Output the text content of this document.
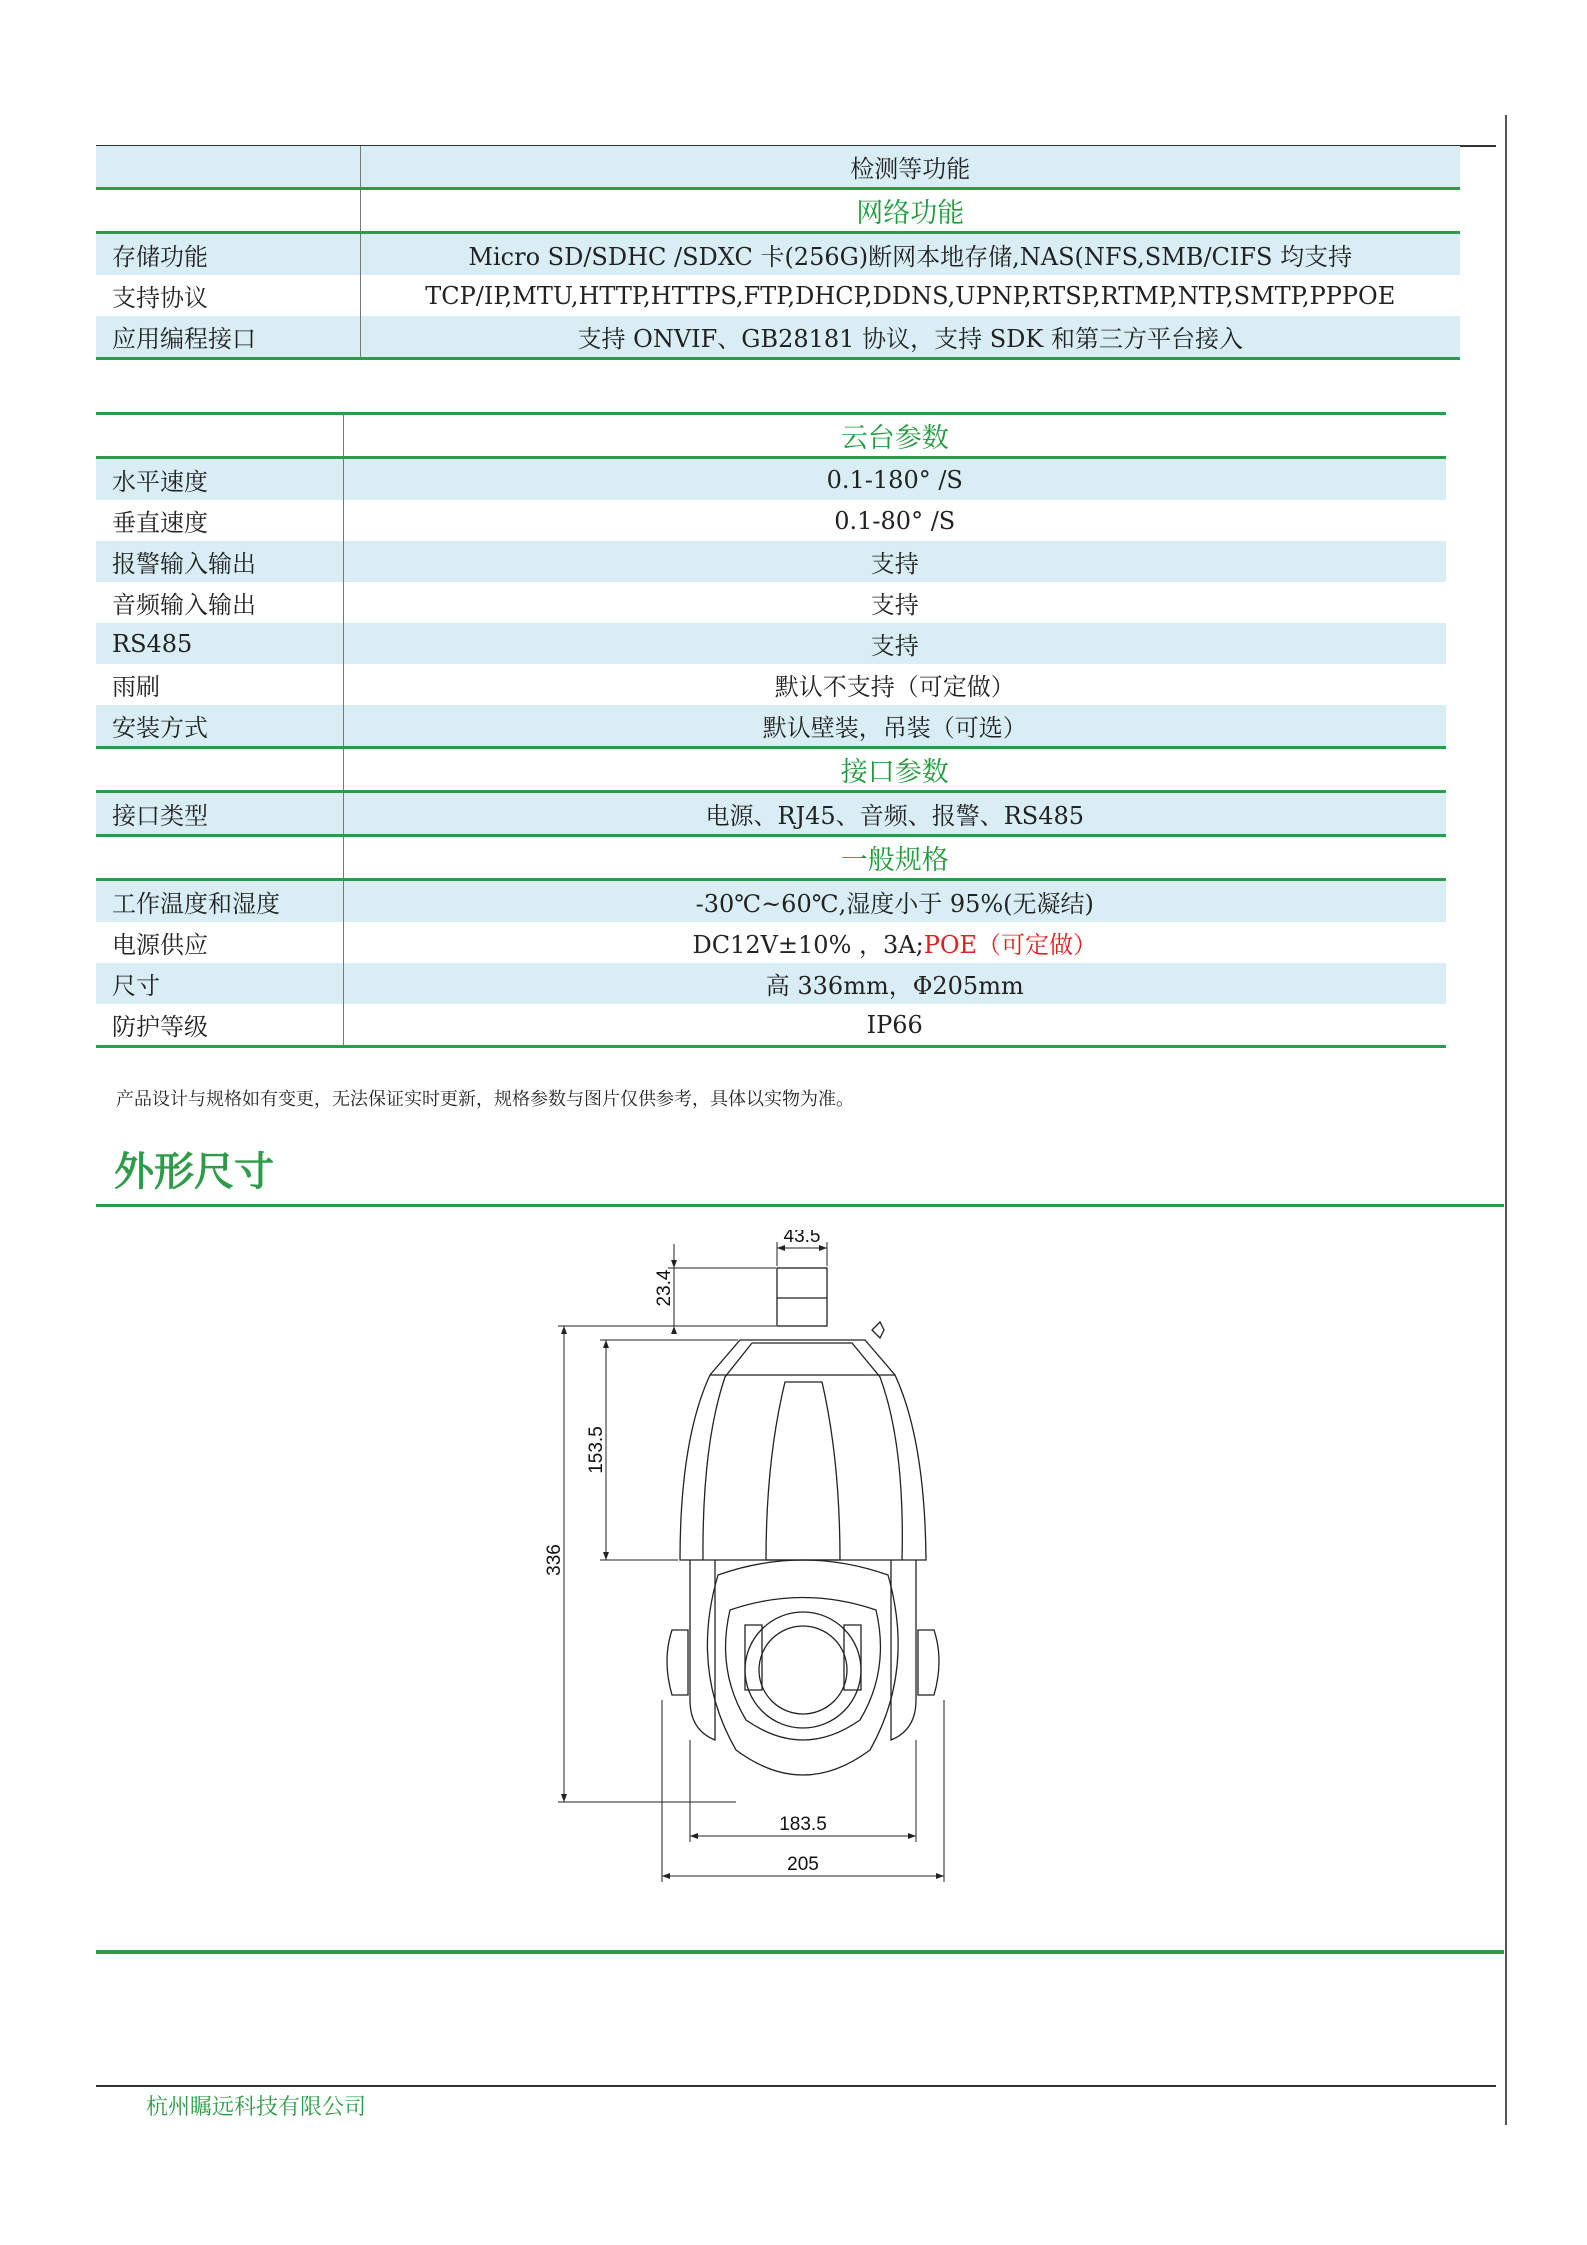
	检测等功能
	网络功能
存储功能	Micro SD/SDHC /SDXC 卡(256G)断网本地存储,NAS(NFS,SMB/CIFS 均支持
支持协议	TCP/IP,MTU,HTTP,HTTPS,FTP,DHCP,DDNS,UPNP,RTSP,RTMP,NTP,SMTP,PPPOE
应用编程接口	支持 ONVIF、GB28181 协议，支持 SDK 和第三方平台接入
	云台参数
水平速度	0.1-180° /S
垂直速度	0.1-80° /S
报警输入输出	支持
音频输入输出	支持
RS485	支持
雨刷	默认不支持（可定做）
安装方式	默认壁装，吊装（可选）
	接口参数
接口类型	电源、RJ45、音频、报警、RS485
	一般规格
工作温度和湿度	-30℃~60℃,湿度小于 95%(无凝结)
电源供应	DC12V±10% ，3A;POE（可定做）
尺寸	高 336mm，Φ205mm
防护等级	IP66
产品设计与规格如有变更，无法保证实时更新，规格参数与图片仅供参考，具体以实物为准。
外形尺寸
43.5
23.4
153.5
336
183.5
205
杭州瞩远科技有限公司
